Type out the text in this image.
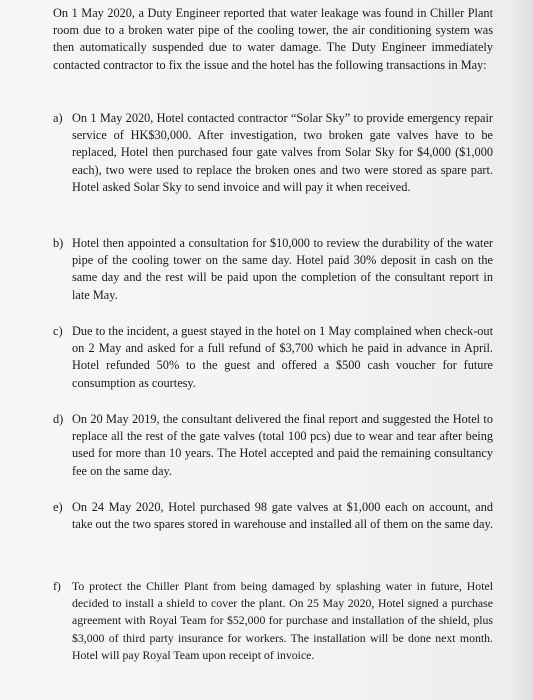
On 1 May 2020, a Duty Engineer reported that water leakage was found in Chiller Plant room due to a broken water pipe of the cooling tower, the air conditioning system was then automatically suspended due to water damage. The Duty Engineer immediately contacted contractor to fix the issue and the hotel has the following transactions in May:
a) On 1 May 2020, Hotel contacted contractor “Solar Sky” to provide emergency repair service of HK$30,000. After investigation, two broken gate valves have to be replaced, Hotel then purchased four gate valves from Solar Sky for $4,000 ($1,000 each), two were used to replace the broken ones and two were stored as spare part. Hotel asked Solar Sky to send invoice and will pay it when received.
b) Hotel then appointed a consultation for $10,000 to review the durability of the water pipe of the cooling tower on the same day. Hotel paid 30% deposit in cash on the same day and the rest will be paid upon the completion of the consultant report in late May.
c) Due to the incident, a guest stayed in the hotel on 1 May complained when check-out on 2 May and asked for a full refund of $3,700 which he paid in advance in April. Hotel refunded 50% to the guest and offered a $500 cash voucher for future consumption as courtesy.
d) On 20 May 2019, the consultant delivered the final report and suggested the Hotel to replace all the rest of the gate valves (total 100 pcs) due to wear and tear after being used for more than 10 years. The Hotel accepted and paid the remaining consultancy fee on the same day.
e) On 24 May 2020, Hotel purchased 98 gate valves at $1,000 each on account, and take out the two spares stored in warehouse and installed all of them on the same day.
f) To protect the Chiller Plant from being damaged by splashing water in future, Hotel decided to install a shield to cover the plant. On 25 May 2020, Hotel signed a purchase agreement with Royal Team for $52,000 for purchase and installation of the shield, plus $3,000 of third party insurance for workers. The installation will be done next month. Hotel will pay Royal Team upon receipt of invoice.
